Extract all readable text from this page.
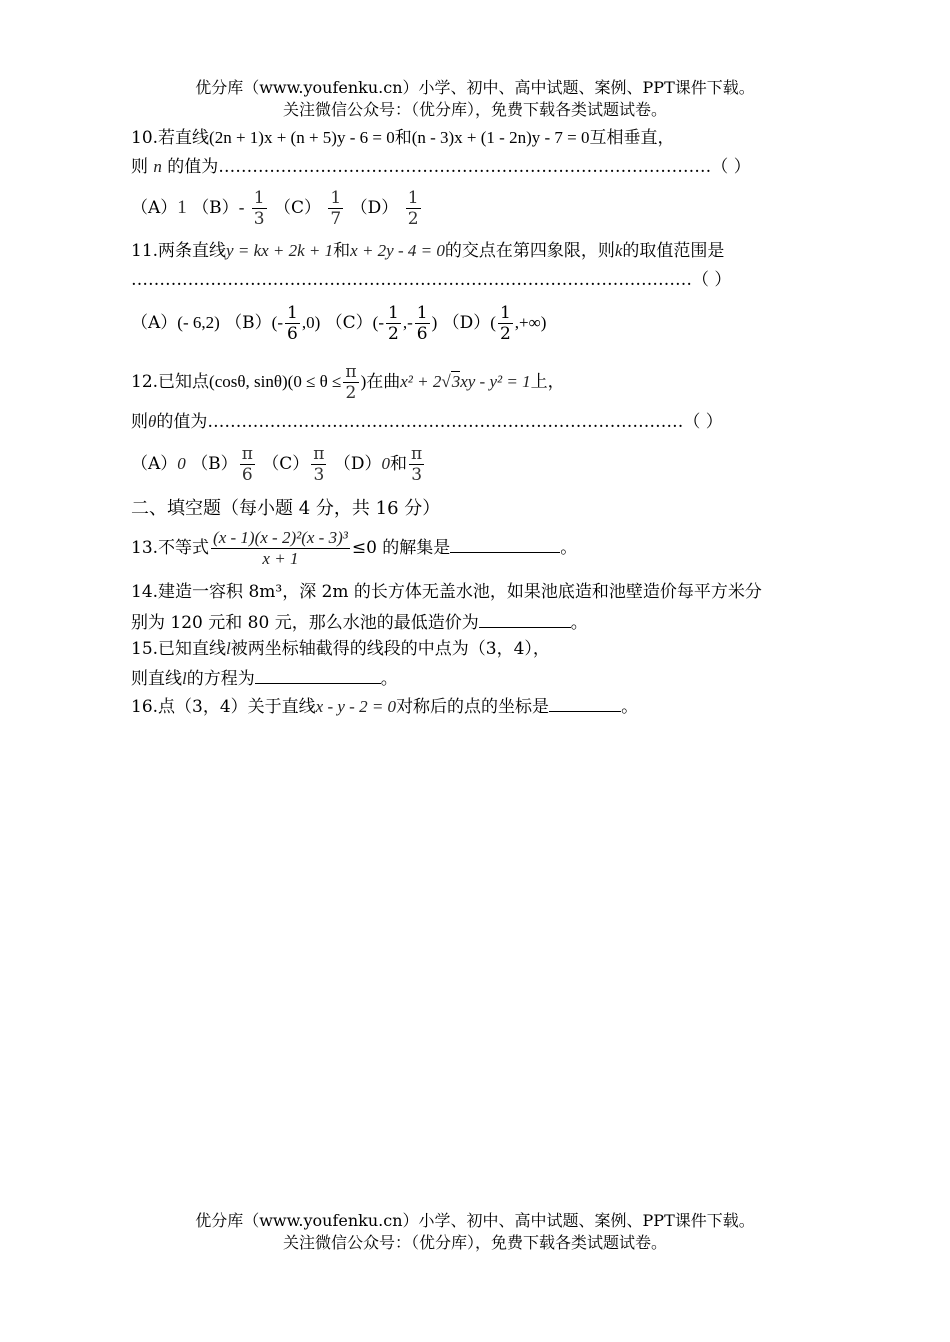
优分库（www.youfenku.cn）小学、初中、高中试题、案例、PPT课件下载。
关注微信公众号：（优分库），免费下载各类试题试卷。
10.若直线(2n + 1)x + (n + 5)y - 6 = 0和(n - 3)x + (1 - 2n)y - 7 = 0互相垂直，
则 n 的值为……………………………………………………………………………（ ）
（A）1 $(B)- \frac{1}{3} (C) \frac{1}{7} (D) \frac{1}{2}$
11.两条直线y = kx + 2k + 1和x + 2y - 4 = 0的交点在第四象限，则k的取值范围是
………………………………………………………………………………………（ ）
（A）(- 6,2) $(B)(- \frac{1}{6} ,0)$ $(C)(- \frac{1}{2}$ ,- $\frac{1}{6}$ ) $(D)( \frac{1}{2}$ ,+∞)
12.已知点(cosθ, $\sin\theta)(0 \le \theta \le \frac{\pi}{2}$ )在曲x² + 2√3xy - y² = 1上，
则θ的值为…………………………………………………………………………（ ）
（A）0 $(B) \frac{\pi}{6} (C) \frac{\pi}{3} (D)0$和 $\frac{\pi}{3}$
二、填空题（每小题 4 分，共 16 分）
13.不等式 $\frac{\text{(x - 1)(x - 2)²(x - 3)³}}{x + 1} \le 0$ 的解集是	。
14.建造一容积 8m³，深 2m 的长方体无盖水池，如果池底造和池壁造价每平方米分
别为 120 元和 80 元，那么水池的最低造价为	。
15.已知直线l被两坐标轴截得的线段的中点为（3，4），
则直线l的方程为	。
16.点（3，4）关于直线x - y - 2 = 0对称后的点的坐标是	。
优分库（www.youfenku.cn）小学、初中、高中试题、案例、PPT课件下载。
关注微信公众号：（优分库），免费下载各类试题试卷。
